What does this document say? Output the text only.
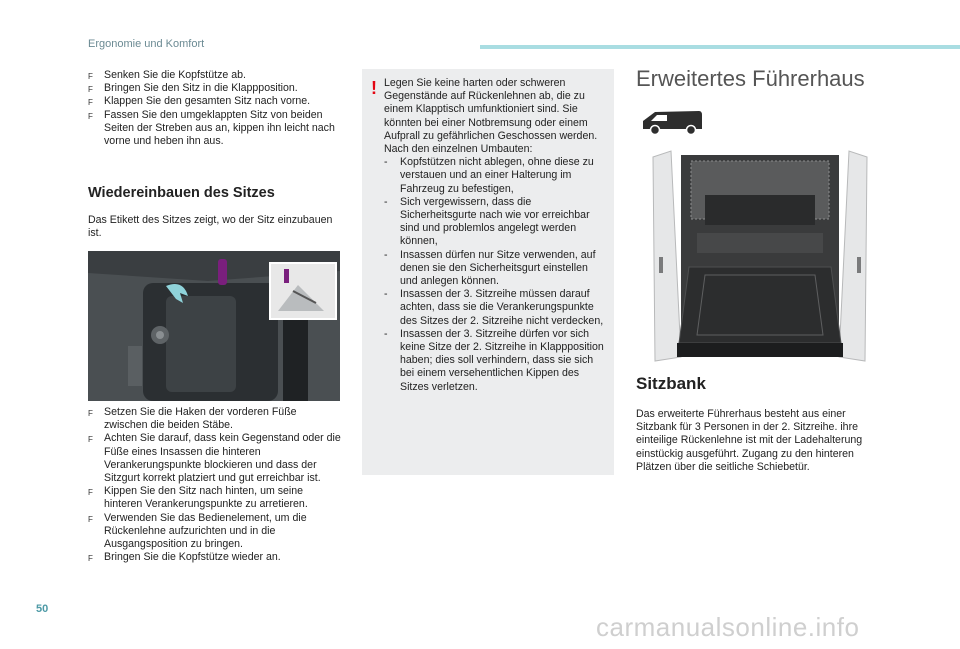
Ergonomie und Komfort
F Senken Sie die Kopfstütze ab.
F Bringen Sie den Sitz in die Klappposition.
F Klappen Sie den gesamten Sitz nach vorne.
F Fassen Sie den umgeklappten Sitz von beiden Seiten der Streben aus an, kippen ihn leicht nach vorne und heben ihn aus.
Wiedereinbauen des Sitzes
Das Etikett des Sitzes zeigt, wo der Sitz einzubauen ist.
F Setzen Sie die Haken der vorderen Füße zwischen die beiden Stäbe.
F Achten Sie darauf, dass kein Gegenstand oder die Füße eines Insassen die hinteren Verankerungspunkte blockieren und dass der Sitzgurt korrekt platziert und gut erreichbar ist.
F Kippen Sie den Sitz nach hinten, um seine hinteren Verankerungspunkte zu arretieren.
F Verwenden Sie das Bedienelement, um die Rückenlehne aufzurichten und in die Ausgangsposition zu bringen.
F Bringen Sie die Kopfstütze wieder an.
! Legen Sie keine harten oder schweren Gegenstände auf Rückenlehnen ab, die zu einem Klapptisch umfunktioniert sind. Sie könnten bei einer Notbremsung oder einem Aufprall zu gefährlichen Geschossen werden.
Nach den einzelnen Umbauten:
- Kopfstützen nicht ablegen, ohne diese zu verstauen und an einer Halterung im Fahrzeug zu befestigen,
- Sich vergewissern, dass die Sicherheitsgurte nach wie vor erreichbar sind und problemlos angelegt werden können,
- Insassen dürfen nur Sitze verwenden, auf denen sie den Sicherheitsgurt einstellen und anlegen können.
- Insassen der 3. Sitzreihe müssen darauf achten, dass sie die Verankerungspunkte des Sitzes der 2. Sitzreihe nicht verdecken,
- Insassen der 3. Sitzreihe dürfen vor sich keine Sitze der 2. Sitzreihe in Klappposition haben; dies soll verhindern, dass sie sich bei einem versehentlichen Kippen des Sitzes verletzen.
Erweitertes Führerhaus
Sitzbank
Das erweiterte Führerhaus besteht aus einer Sitzbank für 3 Personen in der 2. Sitzreihe. ihre einteilige Rückenlehne ist mit der Ladehalterung einstückig ausgeführt. Zugang zu den hinteren Plätzen über die seitliche Schiebetür.
50
carmanualsonline.info
